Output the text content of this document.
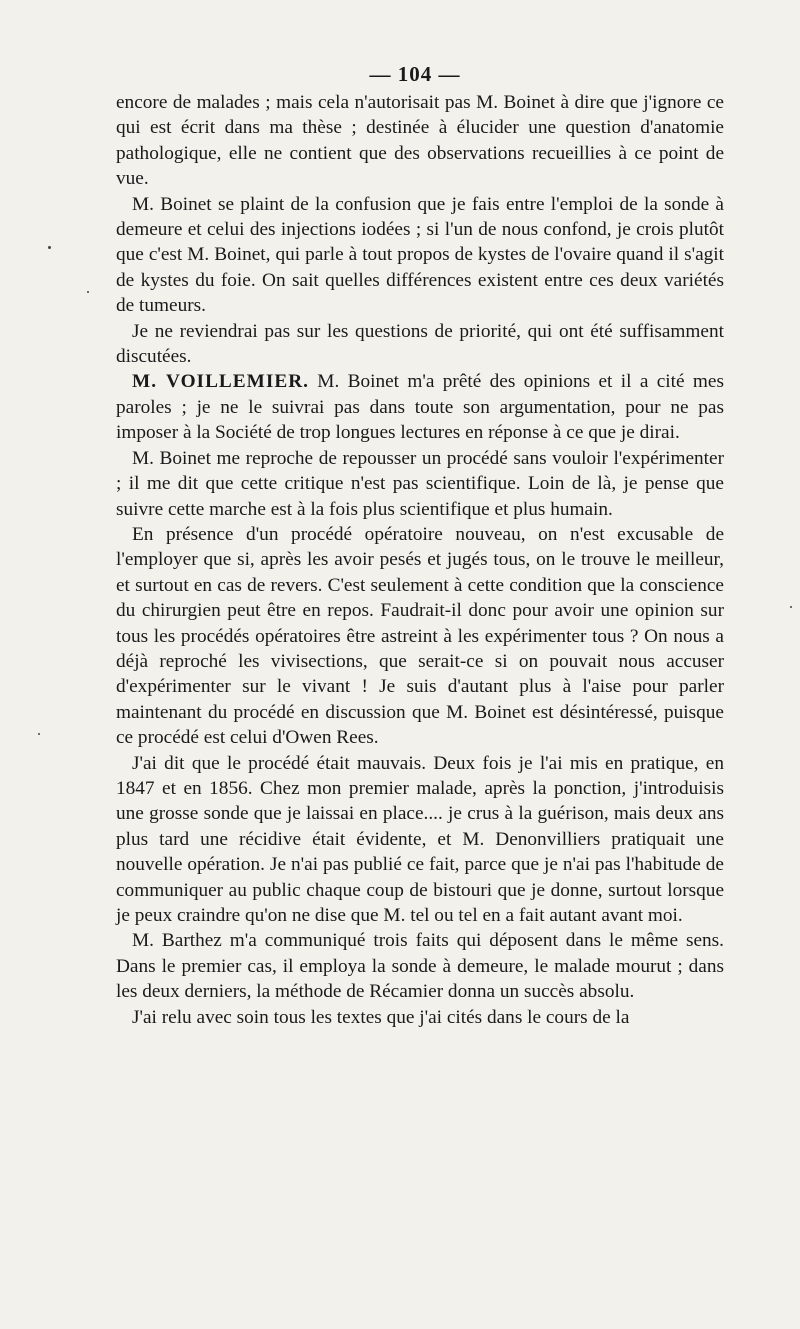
— 104 —

encore de malades ; mais cela n'autorisait pas M. Boinet à dire que j'ignore ce qui est écrit dans ma thèse ; destinée à élucider une question d'anatomie pathologique, elle ne contient que des observations recueillies à ce point de vue.

M. Boinet se plaint de la confusion que je fais entre l'emploi de la sonde à demeure et celui des injections iodées ; si l'un de nous confond, je crois plutôt que c'est M. Boinet, qui parle à tout propos de kystes de l'ovaire quand il s'agit de kystes du foie. On sait quelles différences existent entre ces deux variétés de tumeurs.

Je ne reviendrai pas sur les questions de priorité, qui ont été suffisamment discutées.

M. VOILLEMIER. M. Boinet m'a prêté des opinions et il a cité mes paroles ; je ne le suivrai pas dans toute son argumentation, pour ne pas imposer à la Société de trop longues lectures en réponse à ce que je dirai.

M. Boinet me reproche de repousser un procédé sans vouloir l'expérimenter ; il me dit que cette critique n'est pas scientifique. Loin de là, je pense que suivre cette marche est à la fois plus scientifique et plus humain.

En présence d'un procédé opératoire nouveau, on n'est excusable de l'employer que si, après les avoir pesés et jugés tous, on le trouve le meilleur, et surtout en cas de revers. C'est seulement à cette condition que la conscience du chirurgien peut être en repos. Faudrait-il donc pour avoir une opinion sur tous les procédés opératoires être astreint à les expérimenter tous ? On nous a déjà reproché les vivisections, que serait-ce si on pouvait nous accuser d'expérimenter sur le vivant ! Je suis d'autant plus à l'aise pour parler maintenant du procédé en discussion que M. Boinet est désintéressé, puisque ce procédé est celui d'Owen Rees.

J'ai dit que le procédé était mauvais. Deux fois je l'ai mis en pratique, en 1847 et en 1856. Chez mon premier malade, après la ponction, j'introduisis une grosse sonde que je laissai en place.... je crus à la guérison, mais deux ans plus tard une récidive était évidente, et M. Denonvilliers pratiquait une nouvelle opération. Je n'ai pas publié ce fait, parce que je n'ai pas l'habitude de communiquer au public chaque coup de bistouri que je donne, surtout lorsque je peux craindre qu'on ne dise que M. tel ou tel en a fait autant avant moi.

M. Barthez m'a communiqué trois faits qui déposent dans le même sens. Dans le premier cas, il employa la sonde à demeure, le malade mourut ; dans les deux derniers, la méthode de Récamier donna un succès absolu.

J'ai relu avec soin tous les textes que j'ai cités dans le cours de la
